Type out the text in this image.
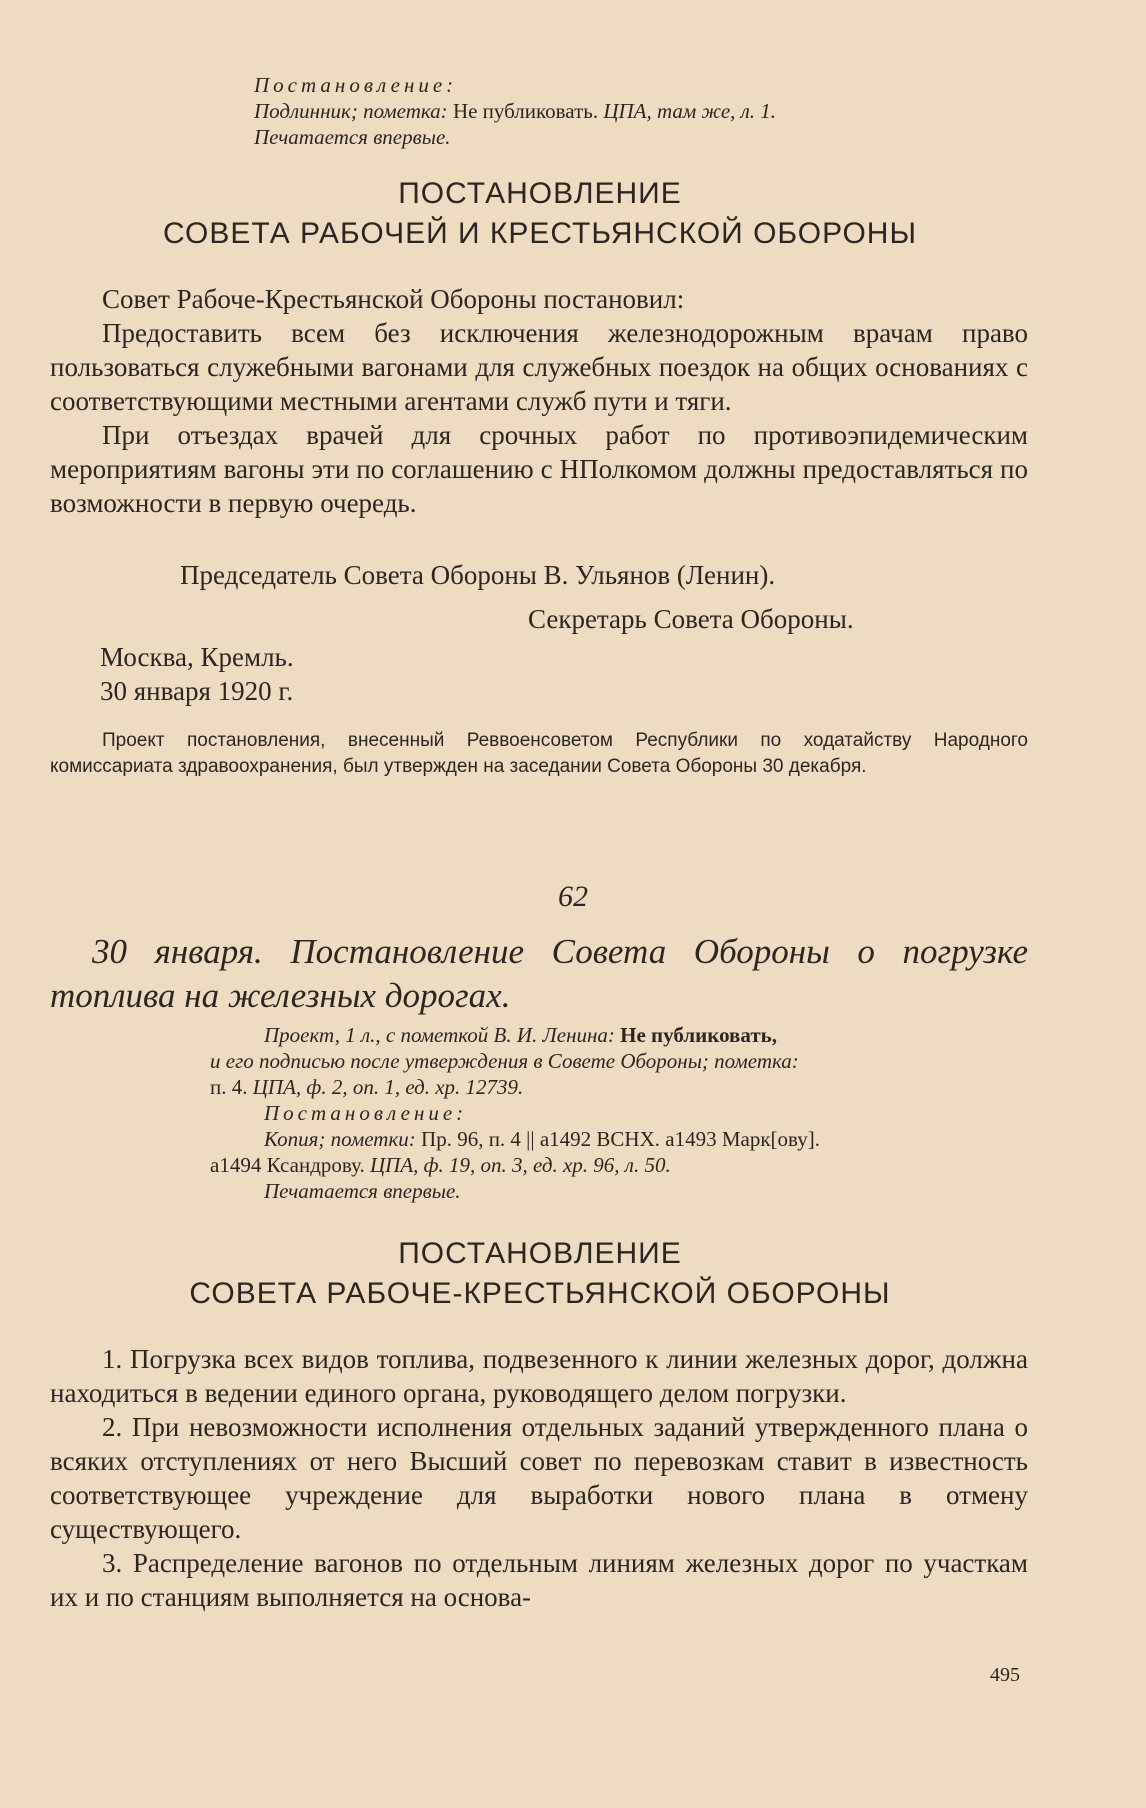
Постановление:

Подлинник; пометка: Не публиковать. ЦПА, там же, л. 1.

Печатается впервые.

ПОСТАНОВЛЕНИЕ

СОВЕТА РАБОЧЕЙ И КРЕСТЬЯНСКОЙ ОБОРОНЫ

Совет Рабоче-Крестьянской Обороны постановил:

Предоставить всем без исключения железнодорожным врачам право пользоваться служебными вагонами для служебных поездок на общих основаниях с соответствующими местными агентами служб пути и тяги.

При отъездах врачей для срочных работ по противоэпидемическим мероприятиям вагоны эти по соглашению с НПолкомом должны предоставляться по возможности в первую очередь.

Председатель Совета Обороны В. Ульянов (Ленин).
Секретарь Совета Обороны.
Москва, Кремль.
30 января 1920 г.

Проект постановления, внесенный Реввоенсоветом Республики по ходатайству Народного комиссариата здравоохранения, был утвержден на заседании Совета Обороны 30 декабря.

62

30 января. Постановление Совета Обороны о погрузке топлива на железных дорогах.

Проект, 1 л., с пометкой В. И. Ленина: Не публиковать,

и его подписью после утверждения в Совете Обороны; пометка:

п. 4. ЦПА, ф. 2, оп. 1, ед. хр. 12739.

Постановление:

Копия; пометки: Пр. 96, п. 4 || а1492 ВСНХ. а1493 Марк[ову].

а1494 Ксандрову. ЦПА, ф. 19, оп. 3, ед. хр. 96, л. 50.

Печатается впервые.

ПОСТАНОВЛЕНИЕ

СОВЕТА РАБОЧЕ-КРЕСТЬЯНСКОЙ ОБОРОНЫ

1. Погрузка всех видов топлива, подвезенного к линии железных дорог, должна находиться в ведении единого органа, руководящего делом погрузки.

2. При невозможности исполнения отдельных заданий утвержденного плана о всяких отступлениях от него Высший совет по перевозкам ставит в известность соответствующее учреждение для выработки нового плана в отмену существующего.

3. Распределение вагонов по отдельным линиям железных дорог по участкам их и по станциям выполняется на основа-

495
